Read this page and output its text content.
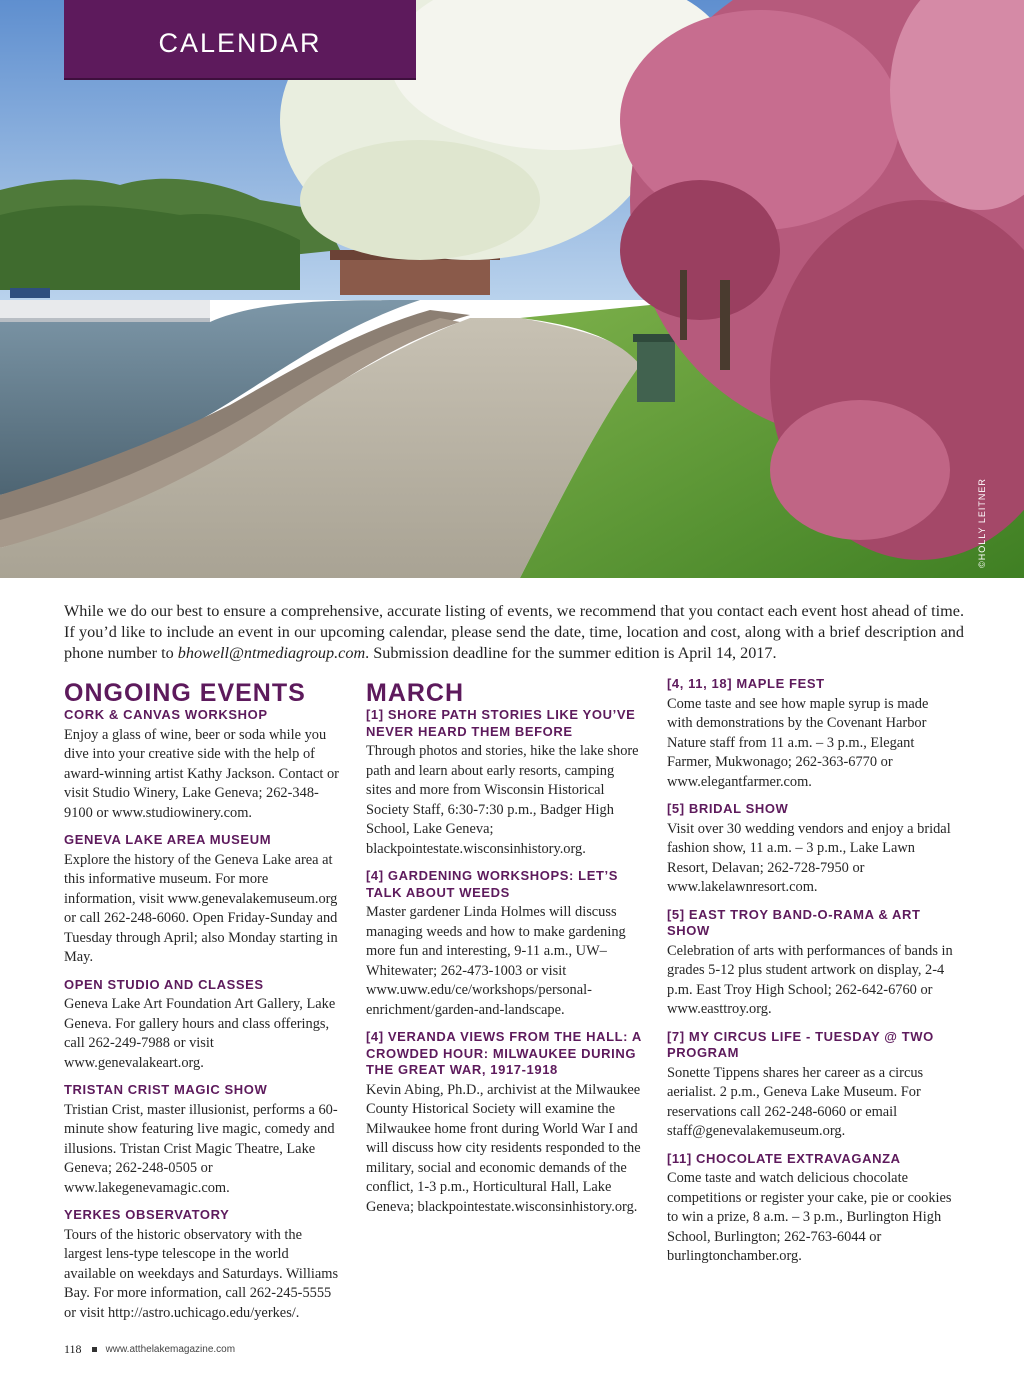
CALENDAR
©HOLLY LEITNER

While we do our best to ensure a comprehensive, accurate listing of events, we recommend that you contact each event host ahead of time. If you’d like to include an event in our upcoming calendar, please send the date, time, location and cost, along with a brief description and phone number to bhowell@ntmediagroup.com. Submission deadline for the summer edition is April 14, 2017.

ONGOING EVENTS
CORK & CANVAS WORKSHOP

Enjoy a glass of wine, beer or soda while you dive into your creative side with the help of award-winning artist Kathy Jackson. Contact or visit Studio Winery, Lake Geneva; 262-348-9100 or www.studiowinery.com.

GENEVA LAKE AREA MUSEUM

Explore the history of the Geneva Lake area at this informative museum. For more information, visit www.genevalakemuseum.org or call 262-248-6060. Open Friday-Sunday and Tuesday through April; also Monday starting in May.

OPEN STUDIO AND CLASSES

Geneva Lake Art Foundation Art Gallery, Lake Geneva. For gallery hours and class offerings, call 262-249-7988 or visit www.genevalakeart.org.

TRISTAN CRIST MAGIC SHOW

Tristian Crist, master illusionist, performs a 60-minute show featuring live magic, comedy and illusions. Tristan Crist Magic Theatre, Lake Geneva; 262-248-0505 or www.lakegenevamagic.com.

YERKES OBSERVATORY

Tours of the historic observatory with the largest lens-type telescope in the world available on weekdays and Saturdays. Williams Bay. For more information, call 262-245-5555 or visit http://astro.uchicago.edu/yerkes/.

MARCH
[1] SHORE PATH STORIES LIKE YOU’VE NEVER HEARD THEM BEFORE

Through photos and stories, hike the lake shore path and learn about early resorts, camping sites and more from Wisconsin Historical Society Staff, 6:30-7:30 p.m., Badger High School, Lake Geneva; blackpointestate.wisconsinhistory.org.

[4] GARDENING WORKSHOPS: LET’S TALK ABOUT WEEDS

Master gardener Linda Holmes will discuss managing weeds and how to make gardening more fun and interesting, 9-11 a.m., UW–Whitewater; 262-473-1003 or visit www.uww.edu/ce/workshops/personal-enrichment/garden-and-landscape.

[4] VERANDA VIEWS FROM THE HALL: A CROWDED HOUR: MILWAUKEE DURING THE GREAT WAR, 1917-1918

Kevin Abing, Ph.D., archivist at the Milwaukee County Historical Society will examine the Milwaukee home front during World War I and will discuss how city residents responded to the military, social and economic demands of the conflict, 1-3 p.m., Horticultural Hall, Lake Geneva; blackpointestate.wisconsinhistory.org.

[4, 11, 18] MAPLE FEST

Come taste and see how maple syrup is made with demonstrations by the Covenant Harbor Nature staff from 11 a.m. – 3 p.m., Elegant Farmer, Mukwonago; 262-363-6770 or www.elegantfarmer.com.

[5] BRIDAL SHOW

Visit over 30 wedding vendors and enjoy a bridal fashion show, 11 a.m. – 3 p.m., Lake Lawn Resort, Delavan; 262-728-7950 or www.lakelawnresort.com.

[5] EAST TROY BAND-O-RAMA & ART SHOW

Celebration of arts with performances of bands in grades 5-12 plus student artwork on display, 2-4 p.m. East Troy High School; 262-642-6760 or www.easttroy.org.

[7] MY CIRCUS LIFE - TUESDAY @ TWO PROGRAM

Sonette Tippens shares her career as a circus aerialist. 2 p.m., Geneva Lake Museum. For reservations call 262-248-6060 or email staff@genevalakemuseum.org.

[11] CHOCOLATE EXTRAVAGANZA

Come taste and watch delicious chocolate competitions or register your cake, pie or cookies to win a prize, 8 a.m. – 3 p.m., Burlington High School, Burlington; 262-763-6044 or burlingtonchamber.org.

118 www.atthelakemagazine.com
